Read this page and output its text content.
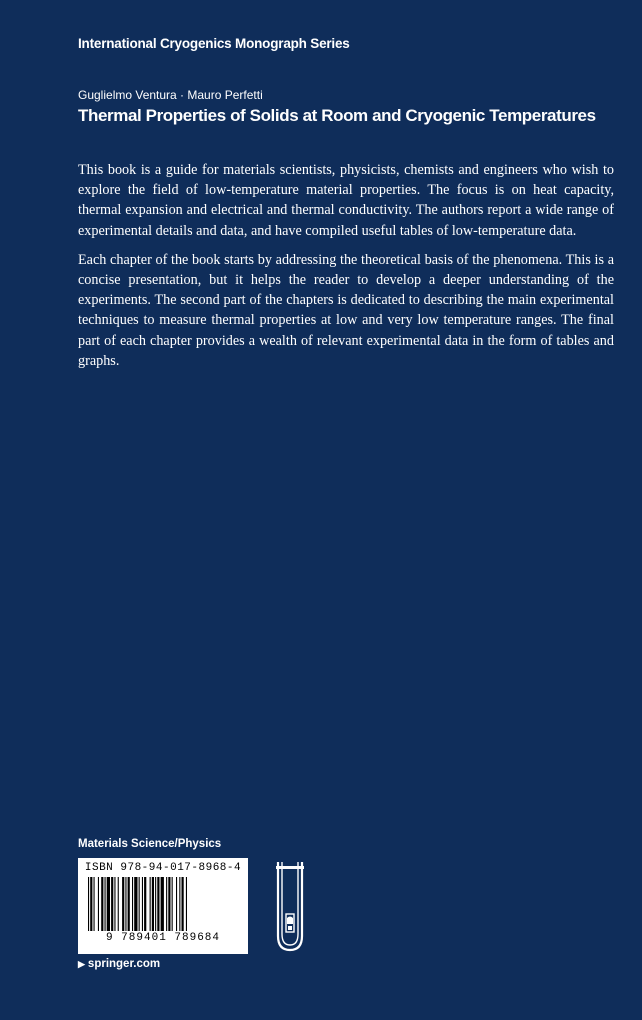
International Cryogenics Monograph Series
Guglielmo Ventura · Mauro Perfetti
Thermal Properties of Solids at Room and Cryogenic Temperatures

This book is a guide for materials scientists, physicists, chemists and engineers who wish to explore the field of low-temperature material properties. The focus is on heat capacity, thermal expansion and electrical and thermal conductivity. The authors report a wide range of experimental details and data, and have compiled useful tables of low-temperature data.

Each chapter of the book starts by addressing the theoretical basis of the phenomena. This is a concise presentation, but it helps the reader to develop a deeper understanding of the experiments. The second part of the chapters is dedicated to describing the main experimental techniques to measure thermal properties at low and very low temperature ranges. The final part of each chapter provides a wealth of relevant experimental data in the form of tables and graphs.

Materials Science/Physics
ISBN 978-94-017-8968-4
9 789401 789684
▶ springer.com
